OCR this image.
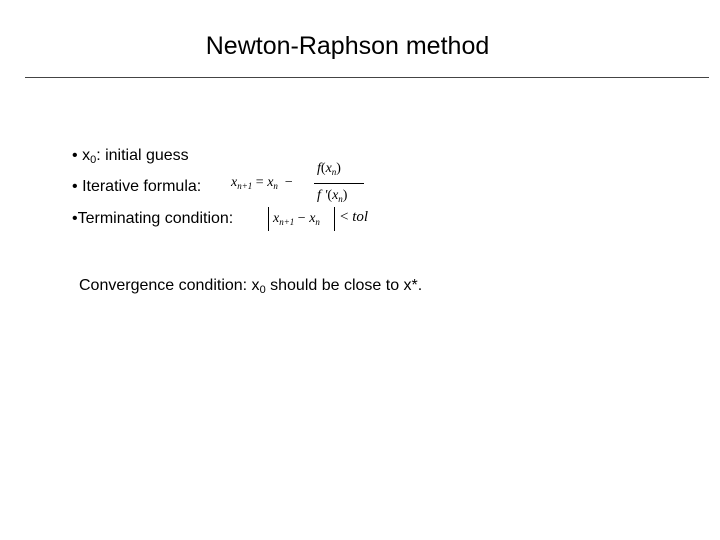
Newton-Raphson method
• $x_0$: initial guess
• Iterative formula: $x_{n+1} = x_n$ −
$f(x_n)$
f '$(x_n)$
•Terminating condition:	$x_{n+1} - x_n$ < tol
Convergence condition: $x_0$ should be close to x*.
